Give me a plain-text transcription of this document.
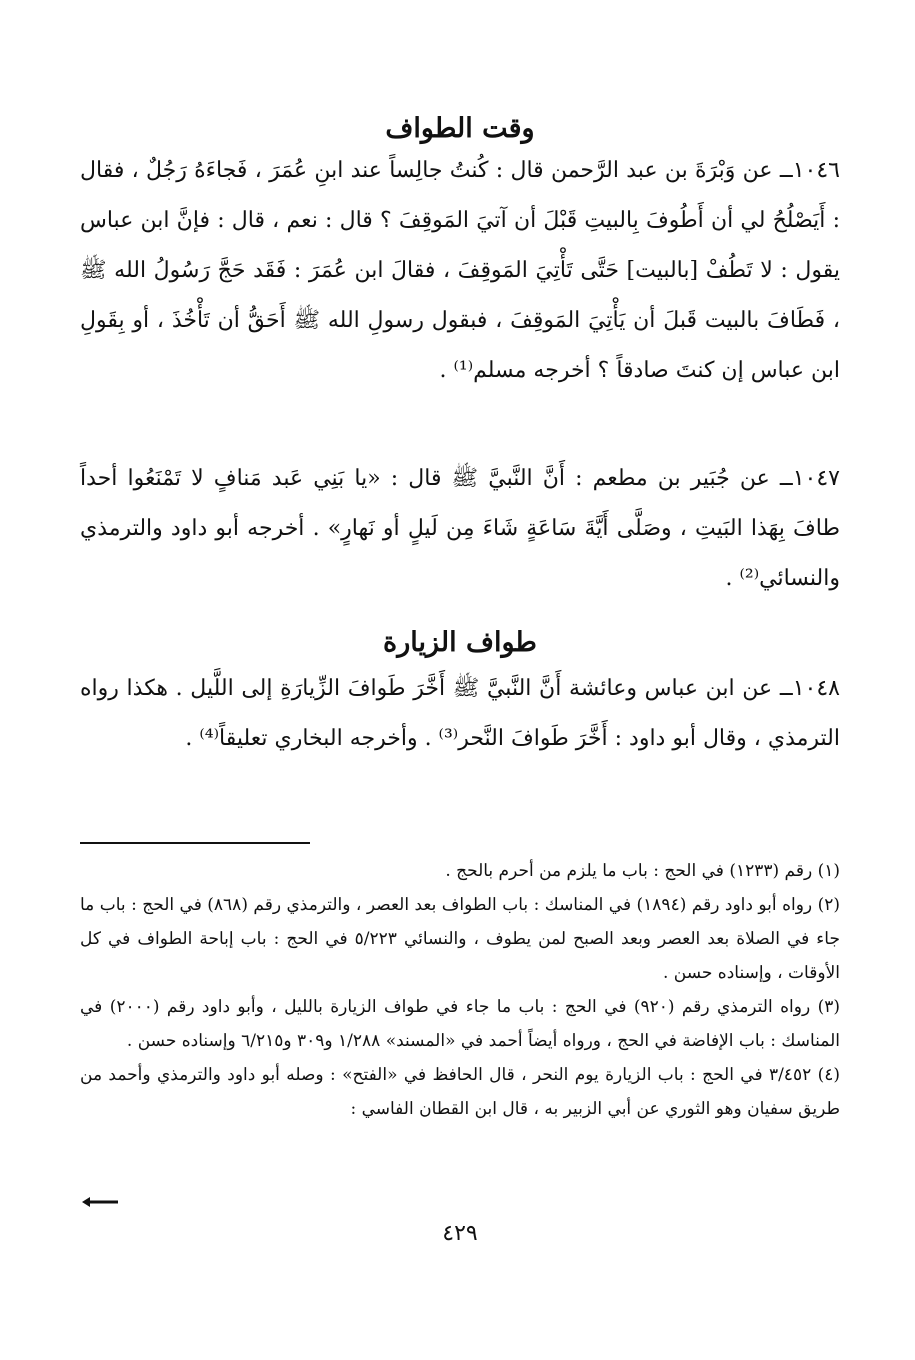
وقت الطواف

١٠٤٦ــ عن وَبْرَةَ بن عبد الرَّحمن قال : كُنتُ جالِساً عند ابنِ عُمَرَ ، فَجاءَهُ رَجُلٌ ، فقال : أَيَصْلُحُ لي أن أَطُوفَ بِالبيتِ قَبْلَ أن آتيَ المَوقِفَ ؟ قال : نعم ، قال : فإنَّ ابن عباس يقول : لا تَطُفْ [بالبيت] حَتَّى تَأْتِيَ المَوقِفَ ، فقالَ ابن عُمَرَ : فَقَد حَجَّ رَسُولُ الله ﷺ ، فَطَافَ بالبيت قَبلَ أن يَأْتِيَ المَوقِفَ ، فبقول رسولِ الله ﷺ أَحَقُّ أن تَأْخُذَ ، أو بِقَولِ ابن عباس إن كنتَ صادقاً ؟ أخرجه مسلم⁽¹⁾ .

١٠٤٧ــ عن جُبَير بن مطعم : أَنَّ النَّبيَّ ﷺ قال : «يا بَنِي عَبد مَنافٍ لا تَمْنَعُوا أحداً طافَ بِهَذا البَيتِ ، وصَلَّى أَيَّةَ سَاعَةٍ شَاءَ مِن لَيلٍ أو نَهارٍ» . أخرجه أبو داود والترمذي والنسائي⁽²⁾ .

طواف الزيارة

١٠٤٨ــ عن ابن عباس وعائشة أَنَّ النَّبيَّ ﷺ أَخَّرَ طَوافَ الزِّيارَةِ إلى اللَّيل . هكذا رواه الترمذي ، وقال أبو داود : أَخَّرَ طَوافَ النَّحر⁽³⁾ . وأخرجه البخاري تعليقاً⁽⁴⁾ .

(١) رقم (١٢٣٣) في الحج : باب ما يلزم من أحرم بالحج .

(٢) رواه أبو داود رقم (١٨٩٤) في المناسك : باب الطواف بعد العصر ، والترمذي رقم (٨٦٨) في الحج : باب ما جاء في الصلاة بعد العصر وبعد الصبح لمن يطوف ، والنسائي ٥/٢٢٣ في الحج : باب إباحة الطواف في كل الأوقات ، وإسناده حسن .

(٣) رواه الترمذي رقم (٩٢٠) في الحج : باب ما جاء في طواف الزيارة بالليل ، وأبو داود رقم (٢٠٠٠) في المناسك : باب الإفاضة في الحج ، ورواه أيضاً أحمد في «المسند» ١/٢٨٨ و٣٠٩ و٦/٢١٥ وإسناده حسن .

(٤) ٣/٤٥٢ في الحج : باب الزيارة يوم النحر ، قال الحافظ في «الفتح» : وصله أبو داود والترمذي وأحمد من طريق سفيان وهو الثوري عن أبي الزبير به ، قال ابن القطان الفاسي :

٤٢٩
